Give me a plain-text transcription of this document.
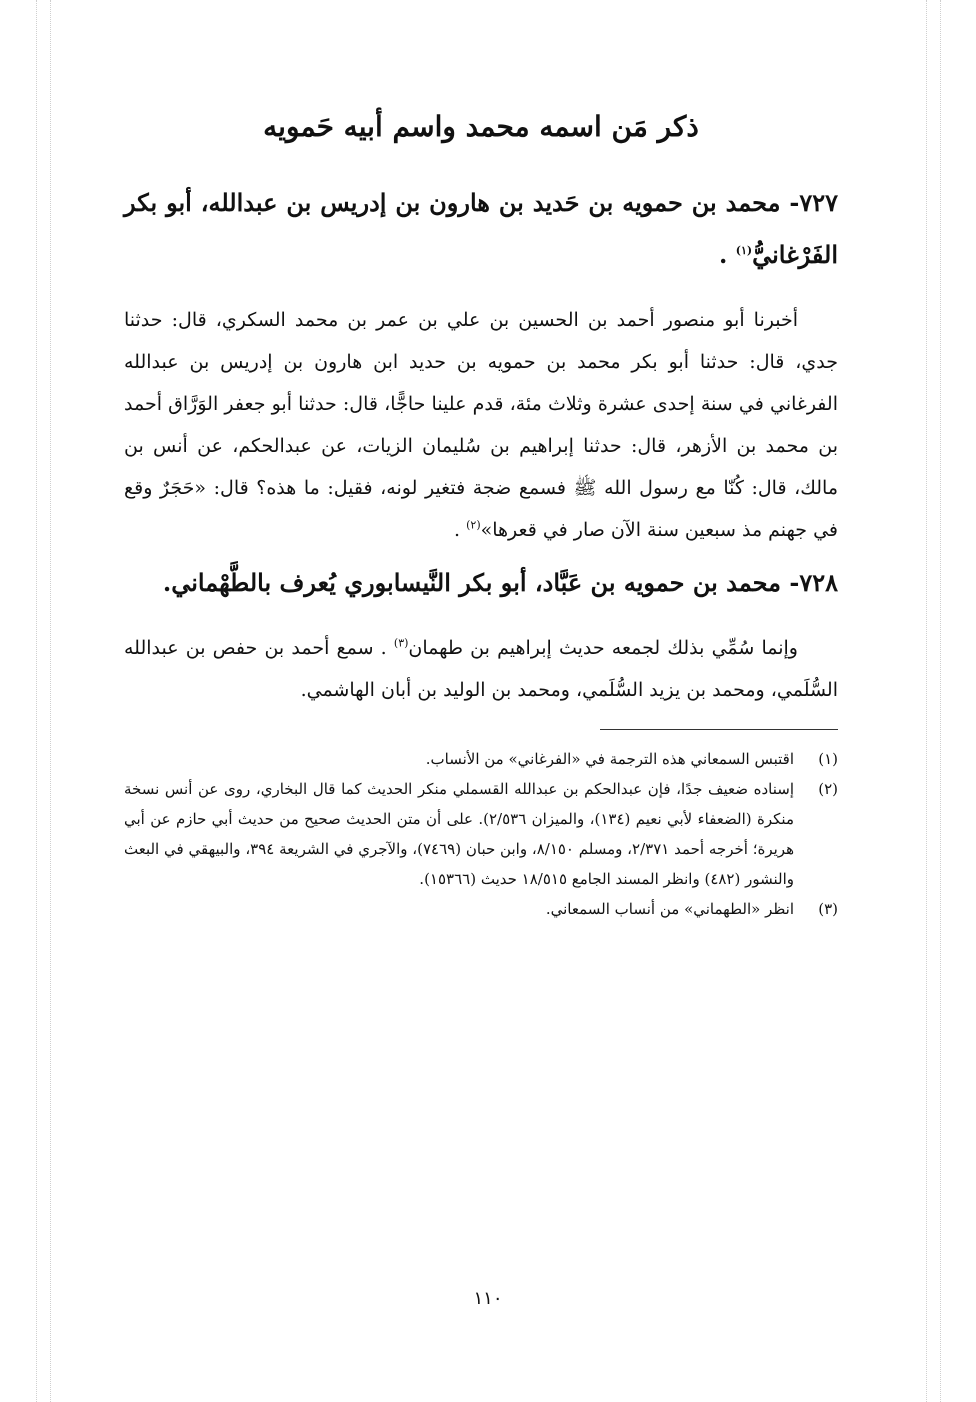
ذكر مَن اسمه محمد واسم أبيه حَمويه

٧٢٧- محمد بن حمويه بن حَديد بن هارون بن إدريس بن عبدالله، أبو بكر الفَرْغانيُّ$^{(١)}$ .

أخبرنا أبو منصور أحمد بن الحسين بن علي بن عمر بن محمد السكري، قال: حدثنا جدي، قال: حدثنا أبو بكر محمد بن حمويه بن حديد ابن هارون بن إدريس بن عبدالله الفرغاني في سنة إحدى عشرة وثلاث مئة، قدم علينا حاجًّا، قال: حدثنا أبو جعفر الوَرَّاق أحمد بن محمد بن الأزهر، قال: حدثنا إبراهيم بن سُليمان الزيات، عن عبدالحكم، عن أنس بن مالك، قال: كُنّا مع رسول الله ﷺ فسمع ضجة فتغير لونه، فقيل: ما هذه؟ قال: «حَجَرٌ وقع في جهنم مذ سبعين سنة الآن صار في قعرها»$^{(٢)}$ .

٧٢٨- محمد بن حمويه بن عَبَّاد، أبو بكر النَّيسابوري يُعرف بالطَّهْماني.

وإنما سُمِّي بذلك لجمعه حديث إبراهيم بن طهمان$^{(٣)}$ . سمع أحمد بن حفص بن عبدالله السُّلَمي، ومحمد بن يزيد السُّلَمي، ومحمد بن الوليد بن أبان الهاشمي.

(١)
اقتبس السمعاني هذه الترجمة في «الفرغاني» من الأنساب.

(٢)
إسناده ضعيف جدًا، فإن عبدالحكم بن عبدالله القسملي منكر الحديث كما قال البخاري، روى عن أنس نسخة منكرة (الضعفاء لأبي نعيم (١٣٤)، والميزان ٢/٥٣٦). على أن متن الحديث صحيح من حديث أبي حازم عن أبي هريرة؛ أخرجه أحمد ٢/٣٧١، ومسلم ٨/١٥٠، وابن حبان (٧٤٦٩)، والآجري في الشريعة ٣٩٤، والبيهقي في البعث والنشور (٤٨٢) وانظر المسند الجامع ١٨/٥١٥ حديث (١٥٣٦٦).

(٣)
انظر «الطهماني» من أنساب السمعاني.

١١٠
